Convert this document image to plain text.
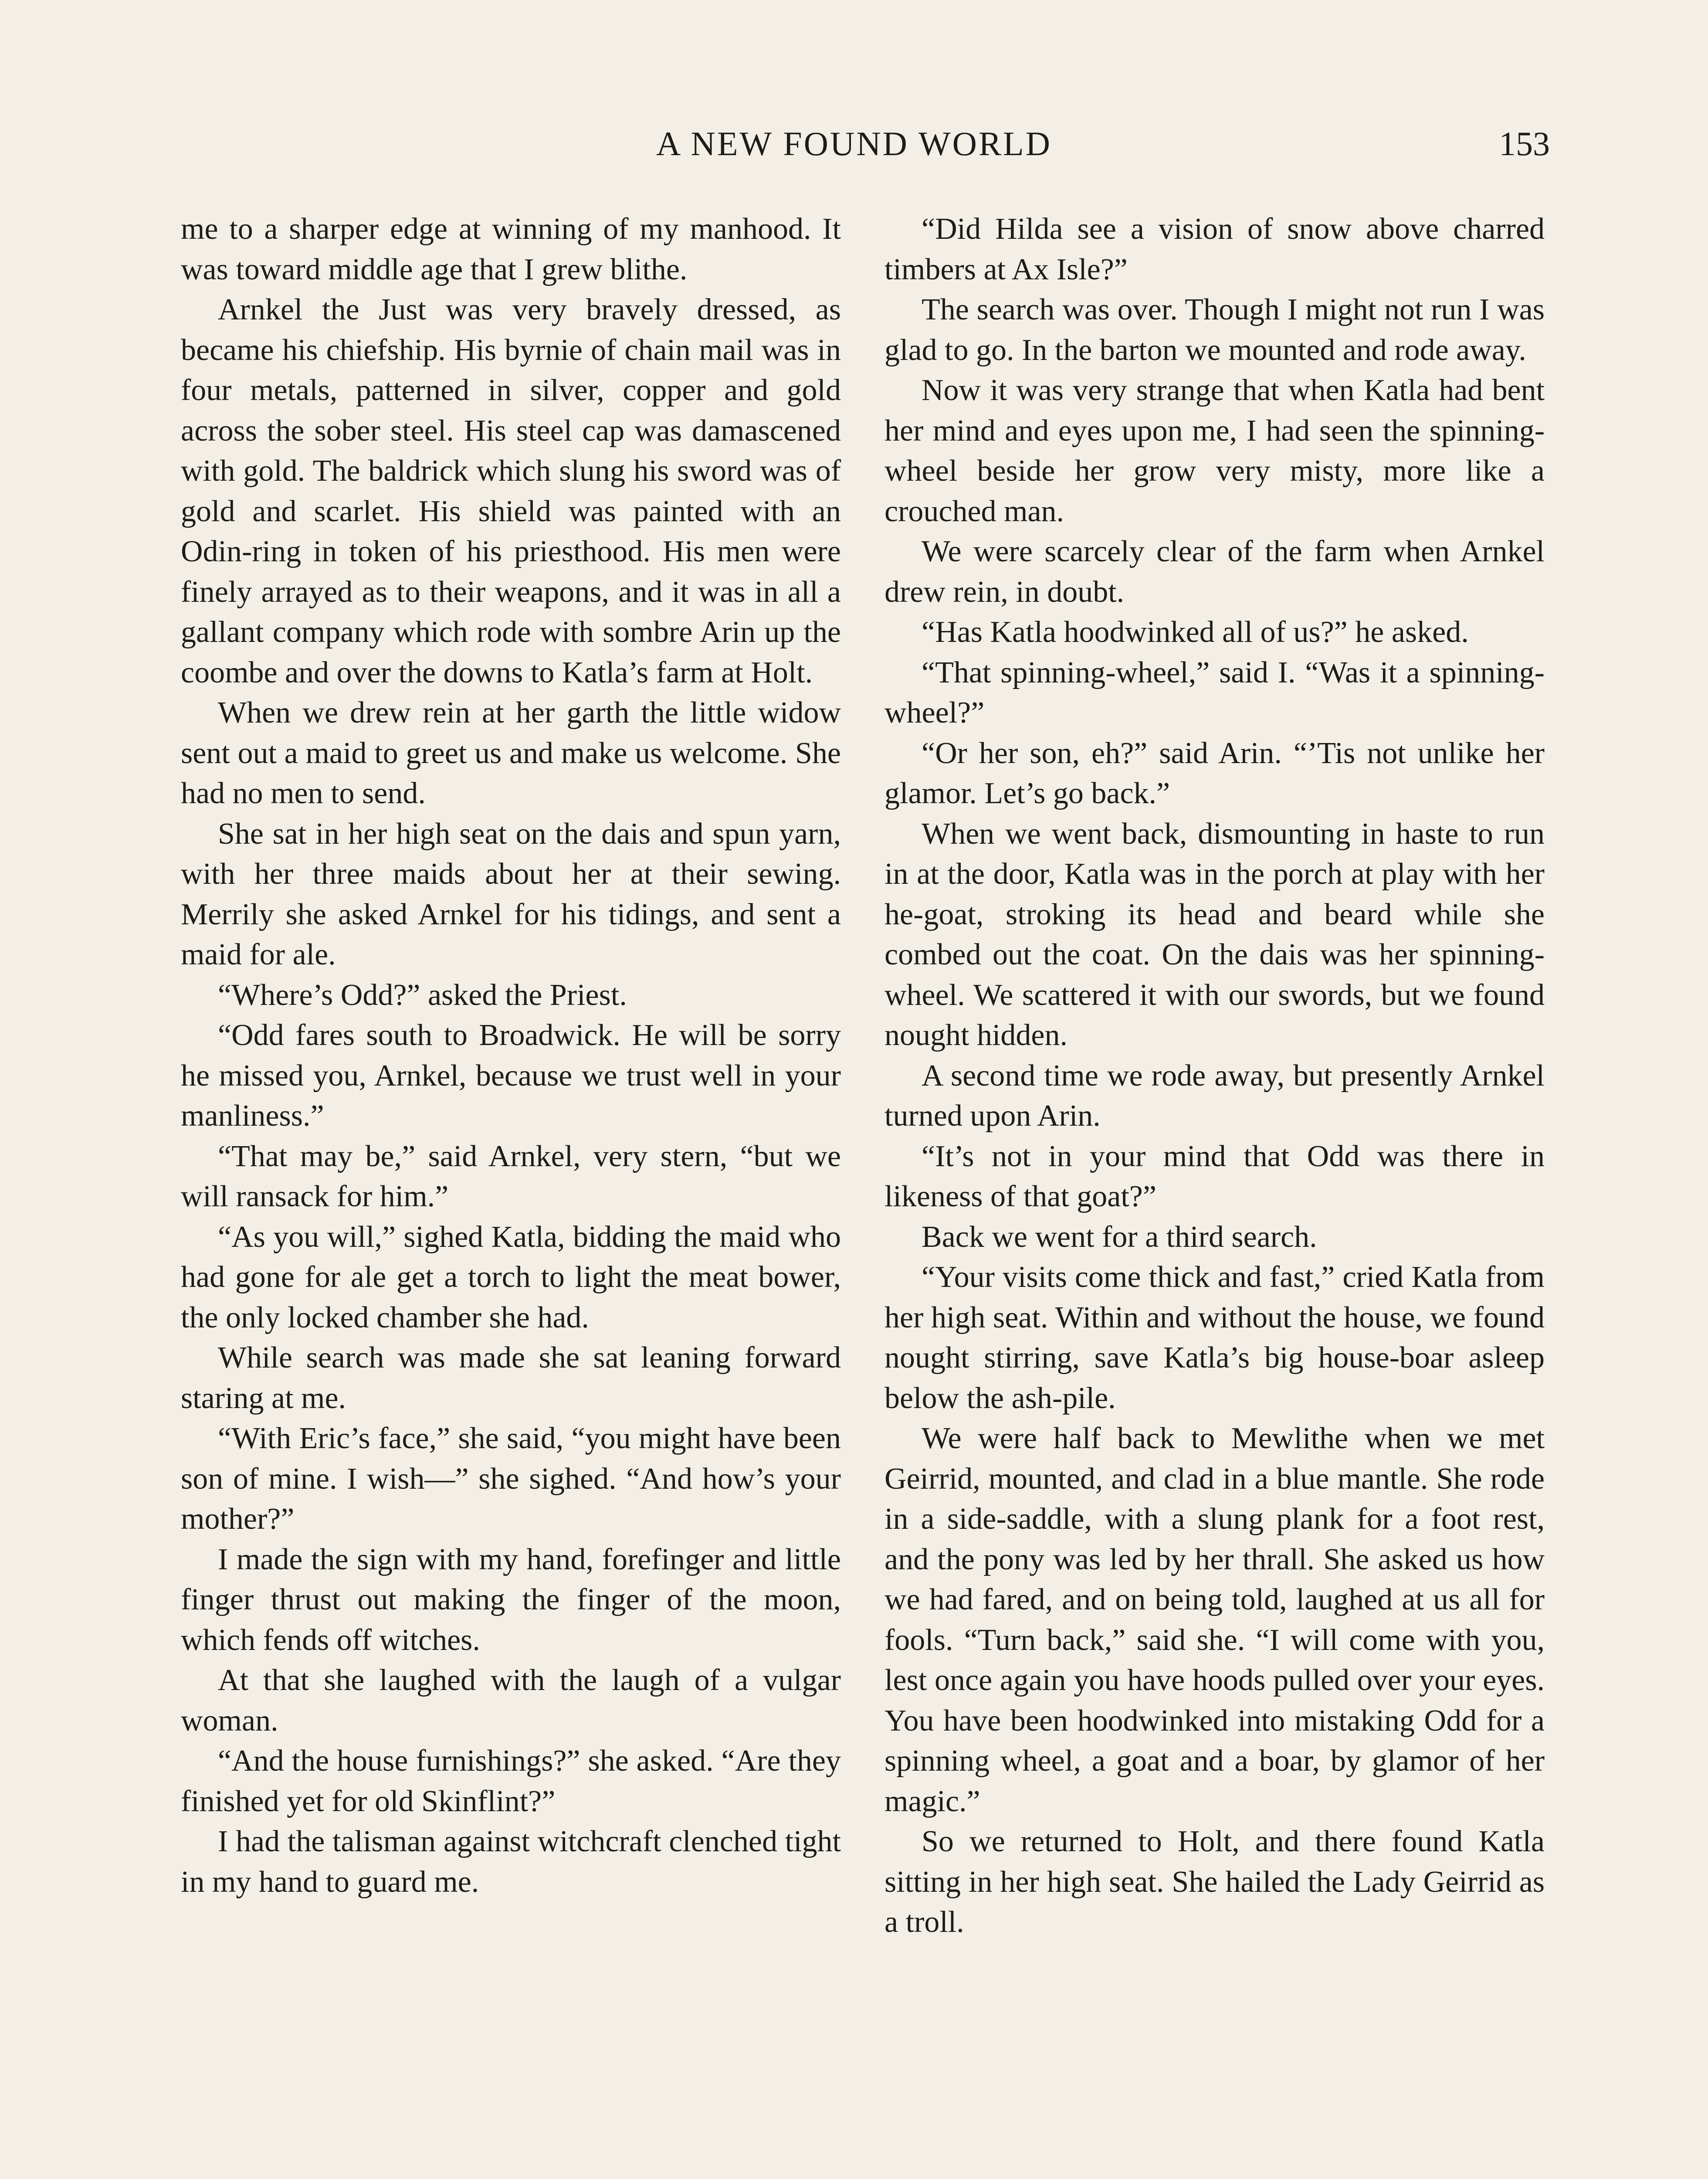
A NEW FOUND WORLD	153

me to a sharper edge at winning of my manhood. It was toward middle age that I grew blithe.

Arnkel the Just was very bravely dressed, as became his chiefship. His byrnie of chain mail was in four metals, patterned in silver, copper and gold across the sober steel. His steel cap was damascened with gold. The baldrick which slung his sword was of gold and scarlet. His shield was painted with an Odin-ring in token of his priesthood. His men were finely arrayed as to their weapons, and it was in all a gallant company which rode with sombre Arin up the coombe and over the downs to Katla’s farm at Holt.

When we drew rein at her garth the little widow sent out a maid to greet us and make us welcome. She had no men to send.

She sat in her high seat on the dais and spun yarn, with her three maids about her at their sewing. Merrily she asked Arnkel for his tidings, and sent a maid for ale.

“Where’s Odd?” asked the Priest.

“Odd fares south to Broadwick. He will be sorry he missed you, Arnkel, because we trust well in your manliness.”

“That may be,” said Arnkel, very stern, “but we will ransack for him.”

“As you will,” sighed Katla, bidding the maid who had gone for ale get a torch to light the meat bower, the only locked chamber she had.

While search was made she sat leaning forward staring at me.

“With Eric’s face,” she said, “you might have been son of mine. I wish—” she sighed. “And how’s your mother?”

I made the sign with my hand, forefinger and little finger thrust out making the finger of the moon, which fends off witches.

At that she laughed with the laugh of a vulgar woman.

“And the house furnishings?” she asked. “Are they finished yet for old Skinflint?”

I had the talisman against witchcraft clenched tight in my hand to guard me.

“Did Hilda see a vision of snow above charred timbers at Ax Isle?”

The search was over. Though I might not run I was glad to go. In the barton we mounted and rode away.

Now it was very strange that when Katla had bent her mind and eyes upon me, I had seen the spinning-wheel beside her grow very misty, more like a crouched man.

We were scarcely clear of the farm when Arnkel drew rein, in doubt.

“Has Katla hoodwinked all of us?” he asked.

“That spinning-wheel,” said I. “Was it a spinning-wheel?”

“Or her son, eh?” said Arin. “’Tis not unlike her glamor. Let’s go back.”

When we went back, dismounting in haste to run in at the door, Katla was in the porch at play with her he-goat, stroking its head and beard while she combed out the coat. On the dais was her spinning-wheel. We scattered it with our swords, but we found nought hidden.

A second time we rode away, but presently Arnkel turned upon Arin.

“It’s not in your mind that Odd was there in likeness of that goat?”

Back we went for a third search.

“Your visits come thick and fast,” cried Katla from her high seat. Within and without the house, we found nought stirring, save Katla’s big house-boar asleep below the ash-pile.

We were half back to Mewlithe when we met Geirrid, mounted, and clad in a blue mantle. She rode in a side-saddle, with a slung plank for a foot rest, and the pony was led by her thrall. She asked us how we had fared, and on being told, laughed at us all for fools. “Turn back,” said she. “I will come with you, lest once again you have hoods pulled over your eyes. You have been hoodwinked into mistaking Odd for a spinning wheel, a goat and a boar, by glamor of her magic.”

So we returned to Holt, and there found Katla sitting in her high seat. She hailed the Lady Geirrid as a troll.
